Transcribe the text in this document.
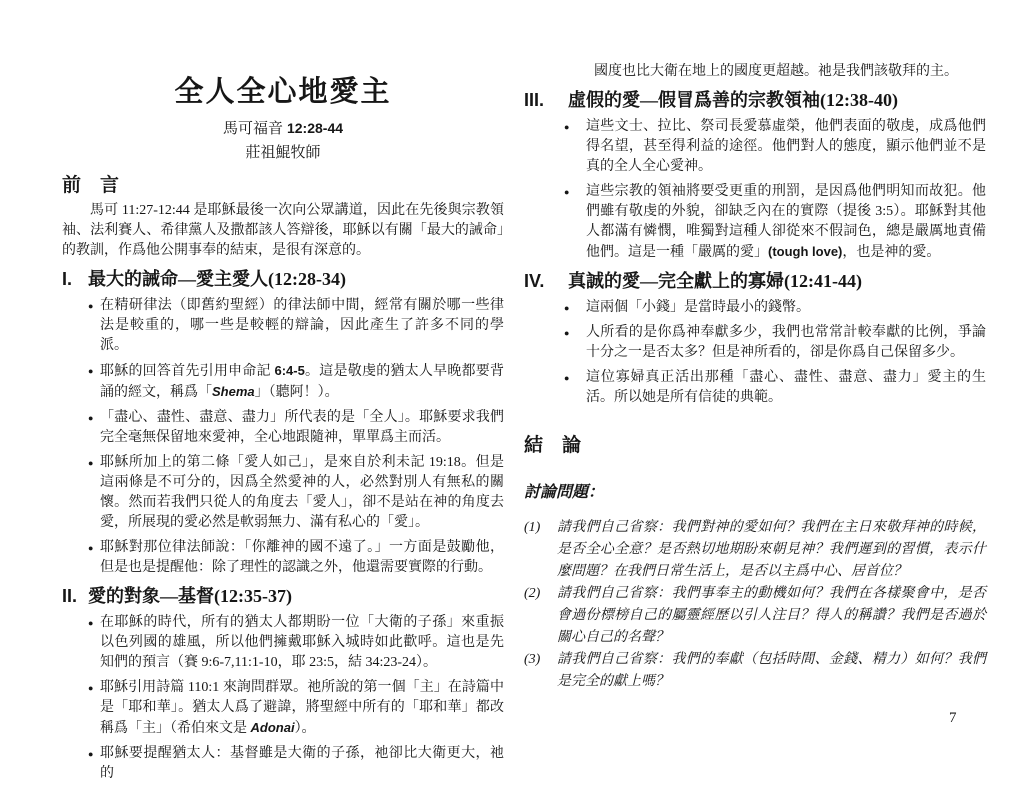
全人全心地愛主
馬可福音 12:28-44
莊祖鯤牧師
前　言

馬可 11:27-12:44 是耶穌最後一次向公眾講道，因此在先後與宗教領袖、法利賽人、希律黨人及撒都該人答辯後，耶穌以有關「最大的誡命」的教訓，作爲他公開事奉的結束，是很有深意的。

I. 最大的誡命—愛主愛人(12:28-34)
● 在精研律法（即舊約聖經）的律法師中間，經常有關於哪一些律法是較重的，哪一些是較輕的辯論，因此產生了許多不同的學派。
● 耶穌的回答首先引用申命記 6:4-5。這是敬虔的猶太人早晚都要背誦的經文，稱爲「Shema」（聽阿！）。
● 「盡心、盡性、盡意、盡力」所代表的是「全人」。耶穌要求我們完全毫無保留地來愛神，全心地跟隨神，單單爲主而活。
● 耶穌所加上的第二條「愛人如己」，是來自於利未記 19:18。但是這兩條是不可分的，因爲全然愛神的人，必然對別人有無私的關懷。然而若我們只從人的角度去「愛人」，卻不是站在神的角度去愛，所展現的愛必然是軟弱無力、滿有私心的「愛」。
● 耶穌對那位律法師說：「你離神的國不遠了。」一方面是鼓勵他，但是也是提醒他：除了理性的認識之外，他還需要實際的行動。
II. 愛的對象—基督(12:35-37)
● 在耶穌的時代，所有的猶太人都期盼一位「大衛的子孫」來重振以色列國的雄風，所以他們擁戴耶穌入城時如此歡呼。這也是先知們的預言（賽 9:6-7,11:1-10，耶 23:5，結 34:23-24）。
● 耶穌引用詩篇 110:1 來詢問群眾。祂所說的第一個「主」在詩篇中是「耶和華」。猶太人爲了避諱，將聖經中所有的「耶和華」都改稱爲「主」（希伯來文是 Adonai）。
● 耶穌要提醒猶太人：基督雖是大衛的子孫，祂卻比大衛更大，祂的

國度也比大衛在地上的國度更超越。祂是我們該敬拜的主。

III.	虛假的愛—假冒爲善的宗教領袖(12:38-40)
●	這些文士、拉比、祭司長愛慕虛榮，他們表面的敬虔，成爲他們得名望，甚至得利益的途徑。他們對人的態度，顯示他們並不是真的全人全心愛神。
●	這些宗教的領袖將要受更重的刑罰，是因爲他們明知而故犯。他們雖有敬虔的外貌，卻缺乏內在的實際（提後 3:5）。耶穌對其他人都滿有憐憫，唯獨對這種人卻從來不假詞色，總是嚴厲地責備他們。這是一種「嚴厲的愛」(tough love)，也是神的愛。
IV.	真誠的愛—完全獻上的寡婦(12:41-44)
●	這兩個「小錢」是當時最小的錢幣。
●	人所看的是你爲神奉獻多少，我們也常常計較奉獻的比例，爭論十分之一是否太多？但是神所看的，卻是你爲自己保留多少。
●	這位寡婦真正活出那種「盡心、盡性、盡意、盡力」愛主的生活。所以她是所有信徒的典範。
結　論
討論問題：
(1)	請我們自己省察：我們對神的愛如何？我們在主日來敬拜神的時候，是否全心全意？是否熱切地期盼來朝見神？我們遲到的習慣，表示什麼問題？在我們日常生活上，是否以主爲中心、居首位？
(2)	請我們自己省察：我們事奉主的動機如何？我們在各樣聚會中，是否會過份標榜自己的屬靈經歷以引人注目？得人的稱讚？我們是否過於關心自己的名聲？
(3)	請我們自己省察：我們的奉獻（包括時間、金錢、精力）如何？我們是完全的獻上嗎？
7
